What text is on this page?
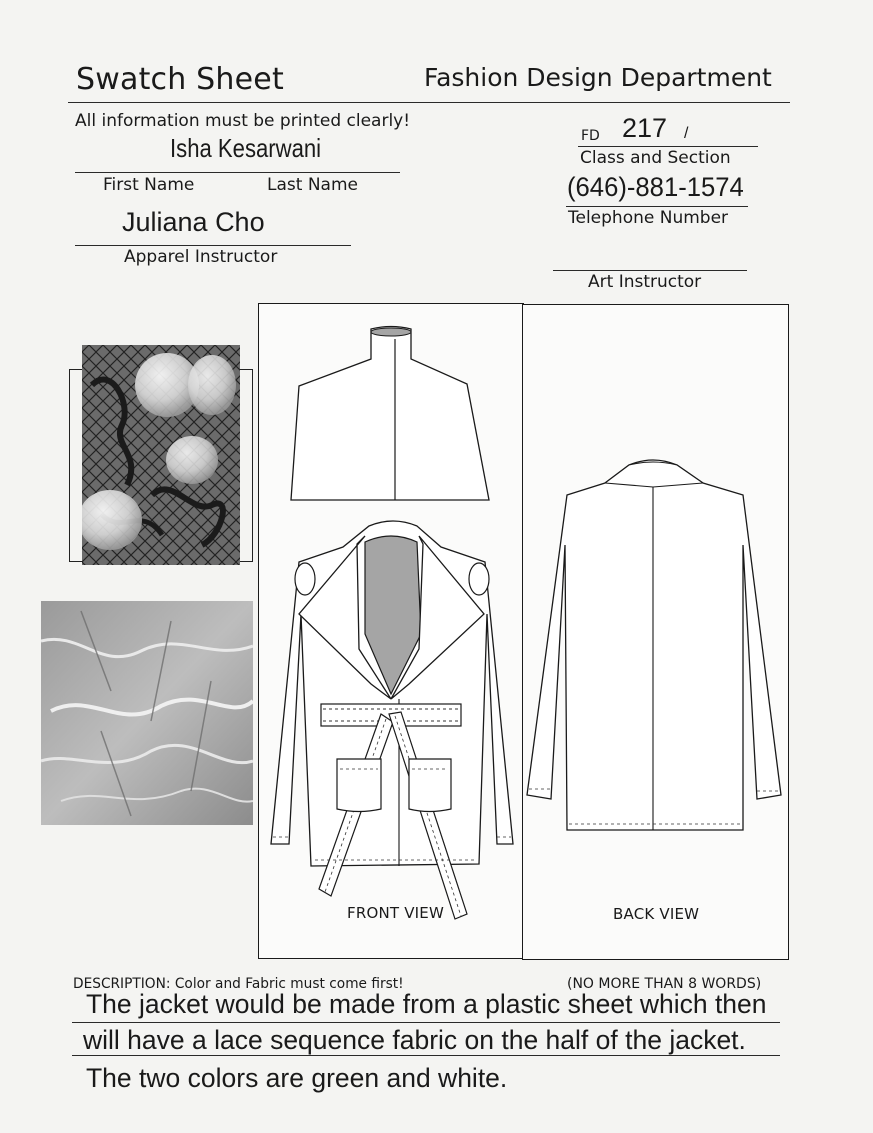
Swatch Sheet	Fashion Design Department
All information must be printed clearly!
Isha Kesarwani
First Name	Last Name
Juliana Cho
Apparel Instructor
FD 217 /
Class and Section
(646)-881-1574
Telephone Number
Art Instructor
FRONT VIEW	BACK VIEW
DESCRIPTION: Color and Fabric must come first!	(NO MORE THAN 8 WORDS)
The jacket would be made from a plastic sheet which then
will have a lace sequence fabric on the half of the jacket.
The two colors are green and white.
